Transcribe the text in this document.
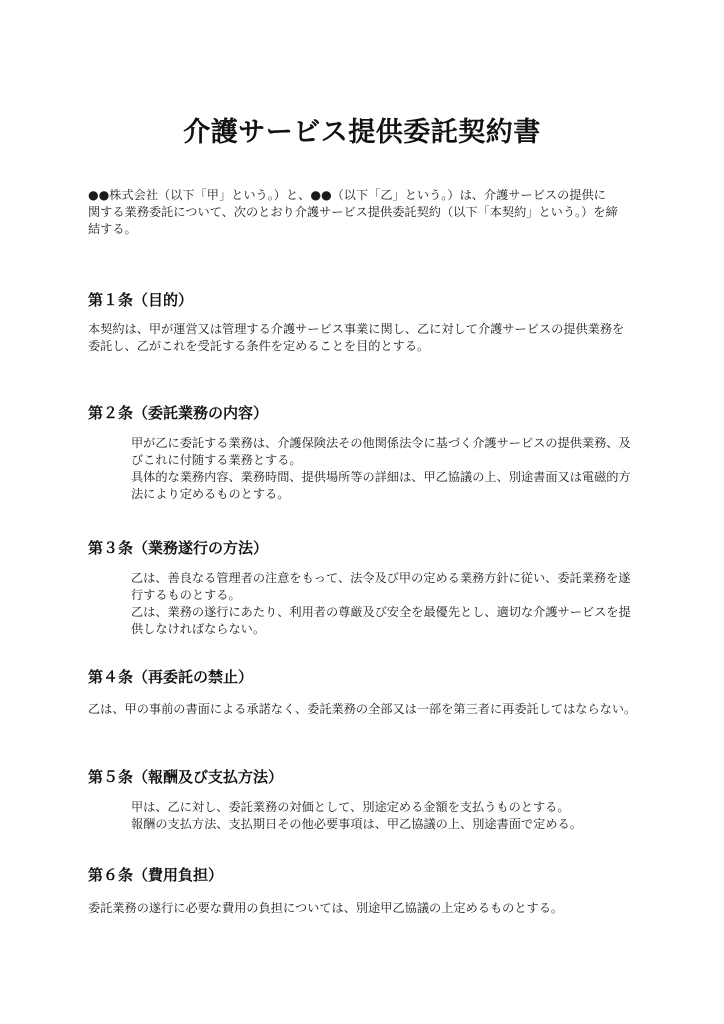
介護サービス提供委託契約書

●●株式会社（以下「甲」という。）と、●●（以下「乙」という。）は、介護サービスの提供に
関する業務委託について、次のとおり介護サービス提供委託契約（以下「本契約」という。）を締
結する。

第１条（目的）

本契約は、甲が運営又は管理する介護サービス事業に関し、乙に対して介護サービスの提供業務を
委託し、乙がこれを受託する条件を定めることを目的とする。

第２条（委託業務の内容）

甲が乙に委託する業務は、介護保険法その他関係法令に基づく介護サービスの提供業務、及
びこれに付随する業務とする。

具体的な業務内容、業務時間、提供場所等の詳細は、甲乙協議の上、別途書面又は電磁的方
法により定めるものとする。

第３条（業務遂行の方法）

乙は、善良なる管理者の注意をもって、法令及び甲の定める業務方針に従い、委託業務を遂
行するものとする。

乙は、業務の遂行にあたり、利用者の尊厳及び安全を最優先とし、適切な介護サービスを提
供しなければならない。

第４条（再委託の禁止）

乙は、甲の事前の書面による承諾なく、委託業務の全部又は一部を第三者に再委託してはならない。

第５条（報酬及び支払方法）

甲は、乙に対し、委託業務の対価として、別途定める金額を支払うものとする。

報酬の支払方法、支払期日その他必要事項は、甲乙協議の上、別途書面で定める。

第６条（費用負担）

委託業務の遂行に必要な費用の負担については、別途甲乙協議の上定めるものとする。
